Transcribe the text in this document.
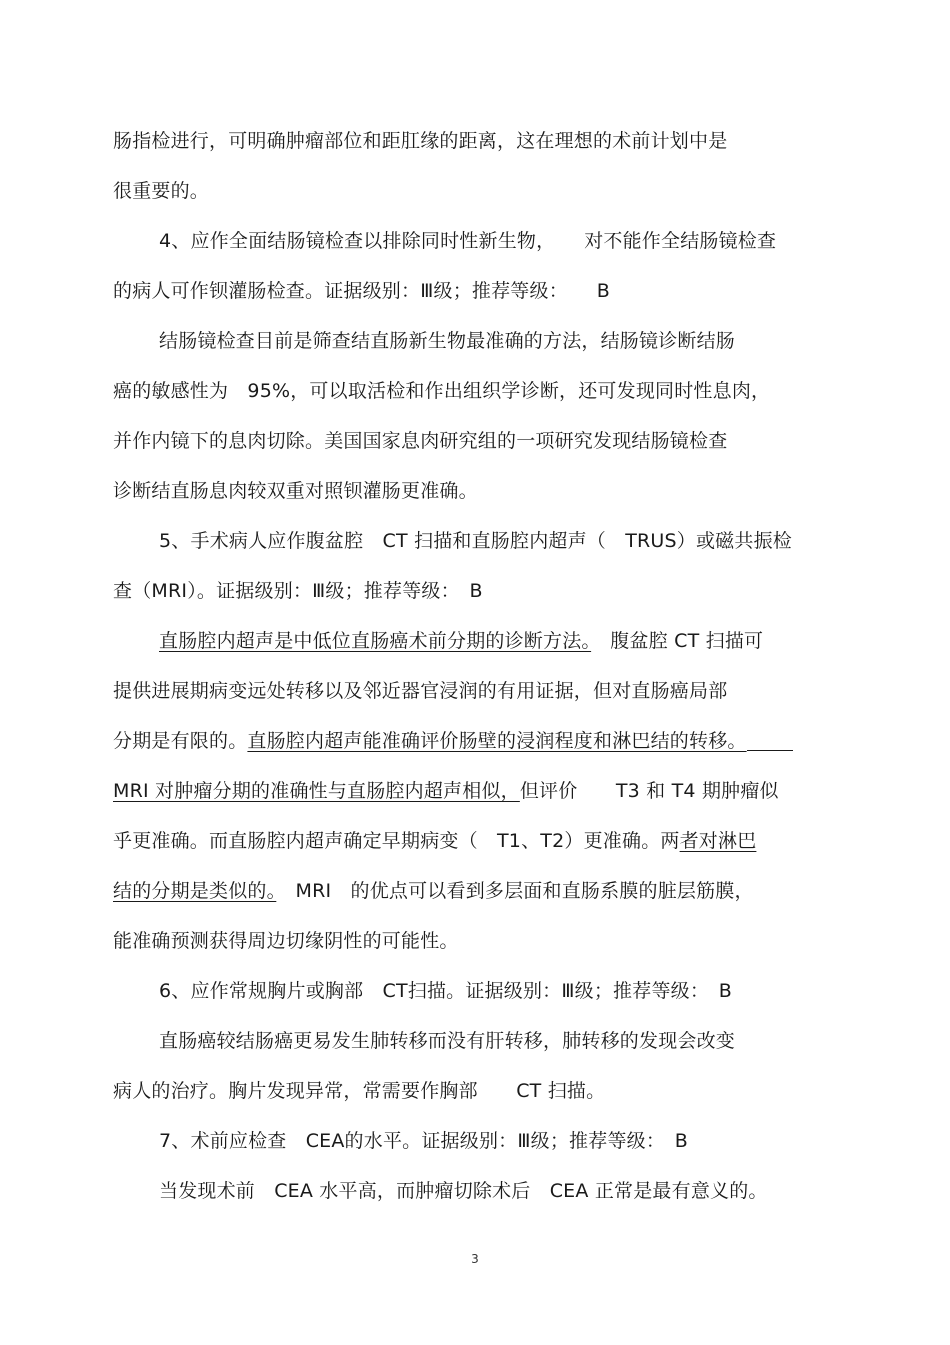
肠指检进行，可明确肿瘤部位和距肛缘的距离，这在理想的术前计划中是
很重要的。
4、应作全面结肠镜检查以排除同时性新生物，　　对不能作全结肠镜检查
的病人可作钡灌肠检查。证据级别：Ⅲ级；推荐等级：　　B
结肠镜检查目前是筛查结直肠新生物最准确的方法，结肠镜诊断结肠
癌的敏感性为　95%，可以取活检和作出组织学诊断，还可发现同时性息肉，
并作内镜下的息肉切除。美国国家息肉研究组的一项研究发现结肠镜检查
诊断结直肠息肉较双重对照钡灌肠更准确。
5、手术病人应作腹盆腔　CT 扫描和直肠腔内超声（　TRUS）或磁共振检
查（MRI）。证据级别：Ⅲ级；推荐等级：　B
直肠腔内超声是中低位直肠癌术前分期的诊断方法。　腹盆腔 CT 扫描可
提供进展期病变远处转移以及邻近器官浸润的有用证据，但对直肠癌局部
分期是有限的。直肠腔内超声能准确评价肠壁的浸润程度和淋巴结的转移。
MRI 对肿瘤分期的准确性与直肠腔内超声相似，但评价　　T3 和 T4 期肿瘤似
乎更准确。而直肠腔内超声确定早期病变（　T1、T2）更准确。两者对淋巴
结的分期是类似的。　MRI　的优点可以看到多层面和直肠系膜的脏层筋膜，
能准确预测获得周边切缘阴性的可能性。
6、应作常规胸片或胸部　CT扫描。证据级别：Ⅲ级；推荐等级：　B
直肠癌较结肠癌更易发生肺转移而没有肝转移，肺转移的发现会改变
病人的治疗。胸片发现异常，常需要作胸部　　CT 扫描。
7、术前应检查　CEA的水平。证据级别：Ⅲ级；推荐等级：　B
当发现术前　CEA 水平高，而肿瘤切除术后　CEA 正常是最有意义的。
3
